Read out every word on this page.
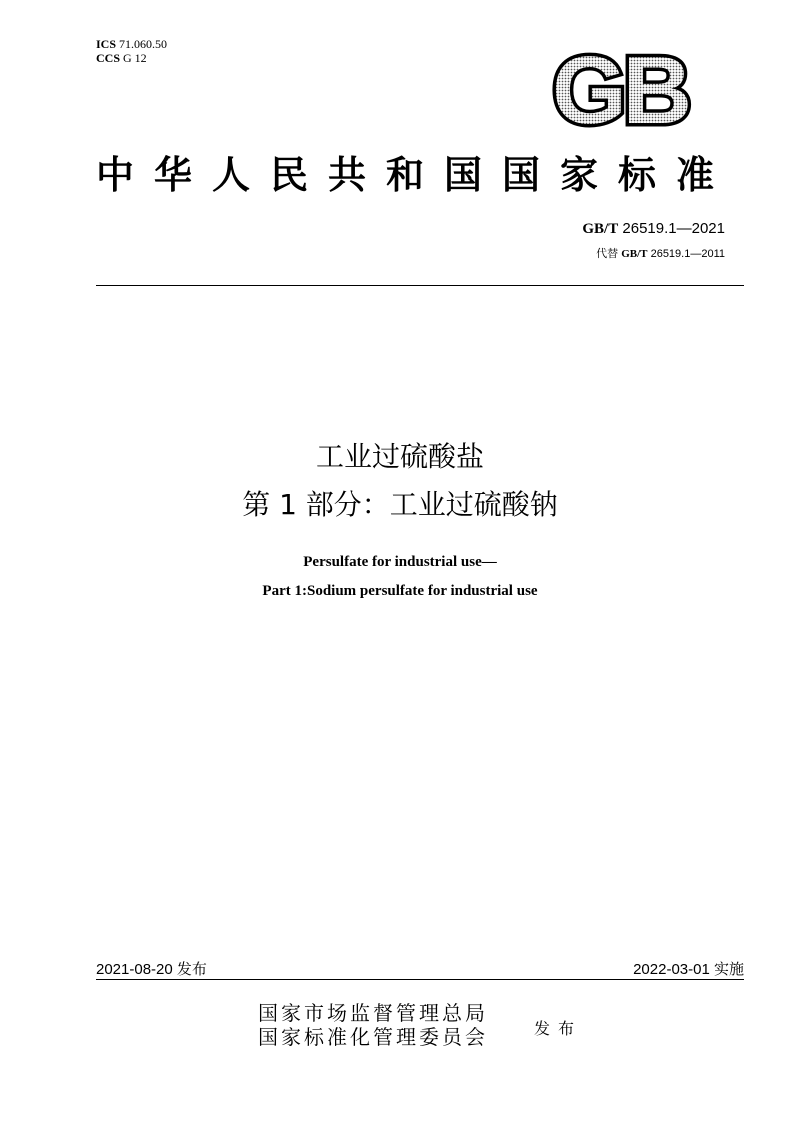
ICS 71.060.50
CCS G 12	GB
中华人民共和国国家标准
GB/T 26519.1—2021
代替 GB/T 26519.1—2011
工业过硫酸盐
第 1 部分：工业过硫酸钠
Persulfate for industrial use—
Part 1:Sodium persulfate for industrial use
2021-08-20 发布	2022-03-01 实施
国家市场监督管理总局
国家标准化管理委员会	发布
